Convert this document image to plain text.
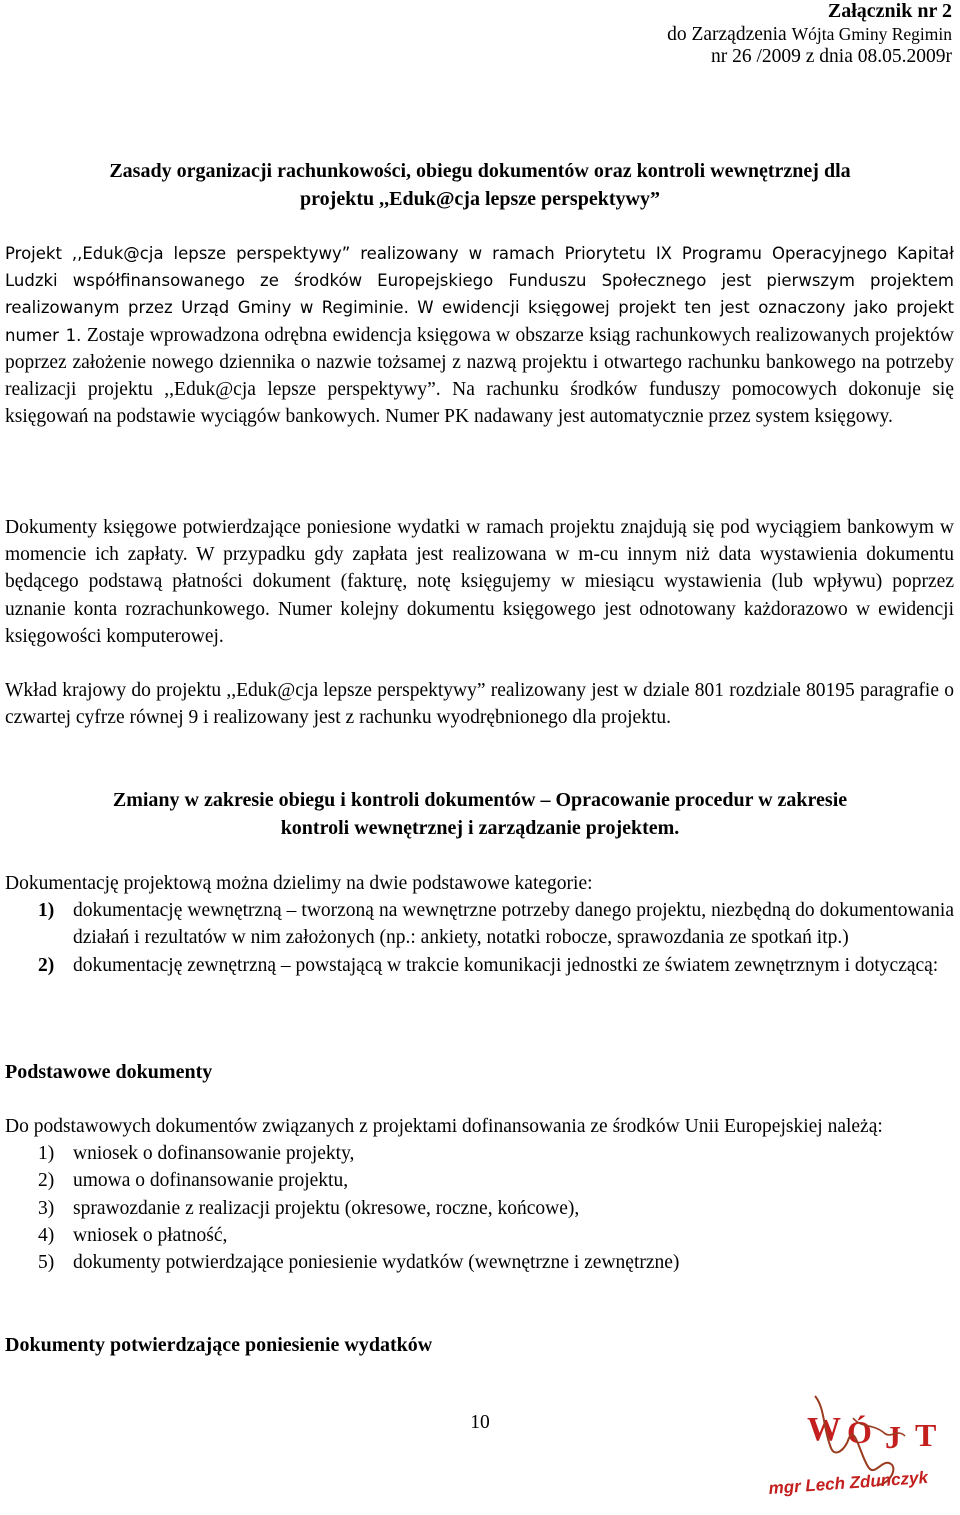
Załącznik nr 2
do Zarządzenia Wójta Gminy Regimin
nr 26 /2009 z dnia 08.05.2009r
Zasady organizacji rachunkowości, obiegu dokumentów oraz kontroli wewnętrznej dla
projektu ,,Eduk@cja lepsze perspektywy”
Projekt ,,Eduk@cja lepsze perspektywy” realizowany w ramach Priorytetu IX Programu Operacyjnego Kapitał Ludzki współfinansowanego ze środków Europejskiego Funduszu Społecznego jest pierwszym projektem realizowanym przez Urząd Gminy w Regiminie. W ewidencji księgowej projekt ten jest oznaczony jako projekt numer 1. Zostaje wprowadzona odrębna ewidencja księgowa w obszarze ksiąg rachunkowych realizowanych projektów poprzez założenie nowego dziennika o nazwie tożsamej z nazwą projektu i otwartego rachunku bankowego na potrzeby realizacji projektu ,,Eduk@cja lepsze perspektywy”. Na rachunku środków funduszy pomocowych dokonuje się księgowań na podstawie wyciągów bankowych. Numer PK nadawany jest automatycznie przez system księgowy.
Dokumenty księgowe potwierdzające poniesione wydatki w ramach projektu znajdują się pod wyciągiem bankowym w momencie ich zapłaty. W przypadku gdy zapłata jest realizowana w m-cu innym niż data wystawienia dokumentu będącego podstawą płatności dokument (fakturę, notę księgujemy w miesiącu wystawienia (lub wpływu) poprzez uznanie konta rozrachunkowego. Numer kolejny dokumentu księgowego jest odnotowany każdorazowo w ewidencji księgowości komputerowej.
Wkład krajowy do projektu ,,Eduk@cja lepsze perspektywy” realizowany jest w dziale 801 rozdziale 80195 paragrafie o czwartej cyfrze równej 9 i realizowany jest z rachunku wyodrębnionego dla projektu.
Zmiany w zakresie obiegu i kontroli dokumentów – Opracowanie procedur w zakresie
kontroli wewnętrznej i zarządzanie projektem.
Dokumentację projektową można dzielimy na dwie podstawowe kategorie:
1) dokumentację wewnętrzną – tworzoną na wewnętrzne potrzeby danego projektu, niezbędną do dokumentowania działań i rezultatów w nim założonych (np.: ankiety, notatki robocze, sprawozdania ze spotkań itp.)
2) dokumentację zewnętrzną – powstającą w trakcie komunikacji jednostki ze światem zewnętrznym i dotyczącą:
Podstawowe dokumenty
Do podstawowych dokumentów związanych z projektami dofinansowania ze środków Unii Europejskiej należą:
1) wniosek o dofinansowanie projekty,
2) umowa o dofinansowanie projektu,
3) sprawozdanie z realizacji projektu (okresowe, roczne, końcowe),
4) wniosek o płatność,
5) dokumenty potwierdzające poniesienie wydatków (wewnętrzne i zewnętrzne)
Dokumenty potwierdzające poniesienie wydatków
10	W Ó J T
mgr Lech Zdunczyk
